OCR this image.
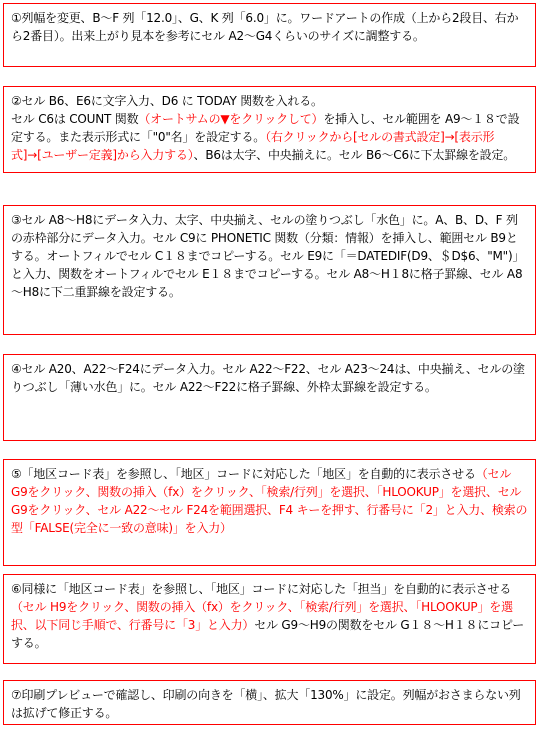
①列幅を変更、B～F 列「12.0」、G、K 列「6.0」に。ワードアートの作成（上から2段目、右から2番目）。出来上がり見本を参考にセル A2～G4くらいのサイズに調整する。
②セル B6、E6に文字入力、D6 に TODAY 関数を入れる。
セル C6は COUNT 関数（オートサムの▼をクリックして）を挿入し、セル範囲を A9～１８で設定する。また表示形式に「"0"名」を設定する。（右クリックから[セルの書式設定]→[表示形式]→[ユーザー定義]から入力する）、B6は太字、中央揃えに。セル B6～C6に下太罫線を設定。
③セル A8～H8にデータ入力、太字、中央揃え、セルの塗りつぶし「水色」に。A、B、D、F 列の赤枠部分にデータ入力。セル C9に PHONETIC 関数（分類：情報）を挿入し、範囲セル B9とする。オートフィルでセル C１８までコピーする。セル E9に「＝DATEDIF(D9、＄D$6、"M")」と入力、関数をオートフィルでセル E１８までコピーする。セル A8～H１8に格子罫線、セル A8～H8に下二重罫線を設定する。
④セル A20、A22～F24にデータ入力。セル A22～F22、セル A23～24は、中央揃え、セルの塗りつぶし「薄い水色」に。セル A22～F22に格子罫線、外枠太罫線を設定する。
⑤「地区コード表」を参照し、「地区」コードに対応した「地区」を自動的に表示させる（セル G9をクリック、関数の挿入（fx）をクリック、「検索/行列」を選択、「HLOOKUP」を選択、セル G9をクリック、セル A22～セル F24を範囲選択、F4 キーを押す、行番号に「2」と入力、検索の型「FALSE(完全に一致の意味)」を入力）
⑥同様に「地区コード表」を参照し、「地区」コードに対応した「担当」を自動的に表示させる（セル H9をクリック、関数の挿入（fx）をクリック、「検索/行列」を選択、「HLOOKUP」を選択、以下同じ手順で、行番号に「3」と入力）セル G9～H9の関数をセル G１８～H１８にコピーする。
⑦印刷プレビューで確認し、印刷の向きを「横」、拡大「130%」に設定。列幅がおさまらない列は拡げて修正する。
